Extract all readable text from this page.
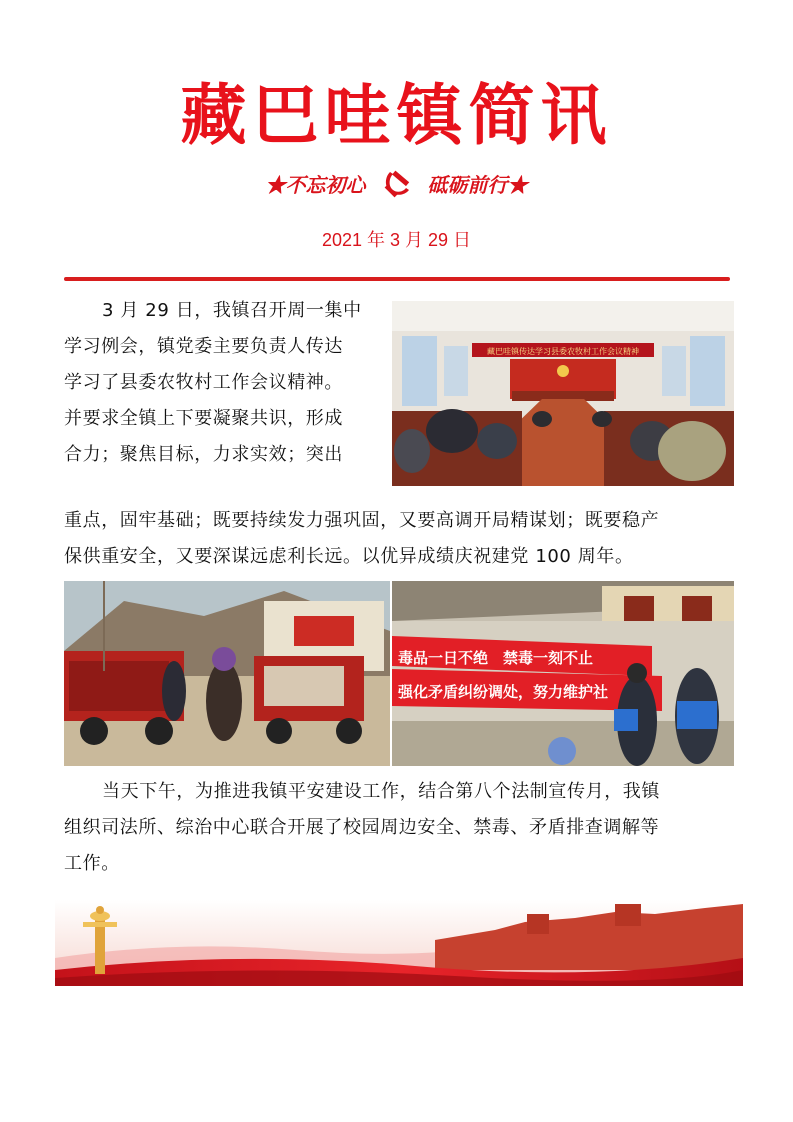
藏巴哇镇简讯
★不忘初心	砥砺前行★
2021 年 3 月 29 日
3 月 29 日，我镇召开周一集中
学习例会，镇党委主要负责人传达
学习了县委农牧村工作会议精神。
并要求全镇上下要凝聚共识，形成
合力；聚焦目标，力求实效；突出
重点，固牢基础；既要持续发力强巩固，又要高调开局精谋划；既要稳产
保供重安全，又要深谋远虑利长远。以优异成绩庆祝建党 100 周年。
藏巴哇镇传达学习县委农牧村工作会议精神
毒品一日不绝　禁毒一刻不止
强化矛盾纠纷调处，努力维护社
当天下午，为推进我镇平安建设工作，结合第八个法制宣传月，我镇
组织司法所、综治中心联合开展了校园周边安全、禁毒、矛盾排查调解等
工作。
